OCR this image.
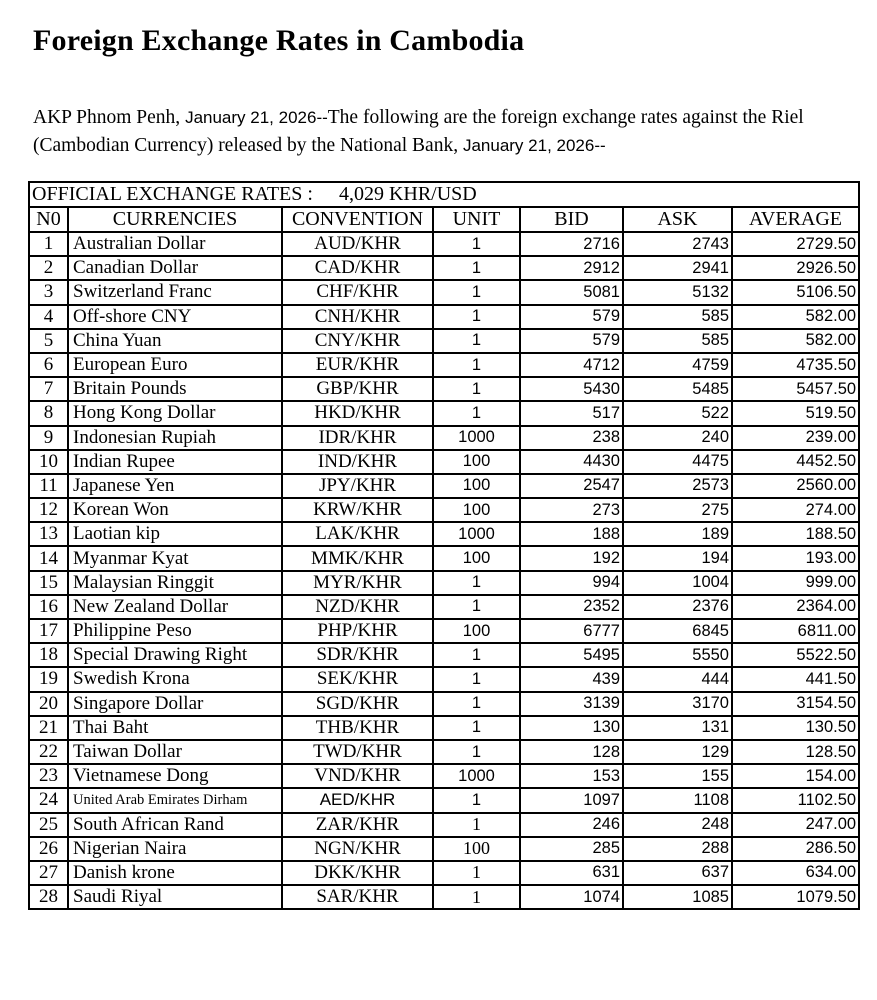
Foreign Exchange Rates in Cambodia

AKP Phnom Penh, January 21, 2026--The following are the foreign exchange rates against the Riel (Cambodian Currency) released by the National Bank, January 21, 2026--

OFFICIAL EXCHANGE RATES : 4,029 KHR/USD						
N0	CURRENCIES	CONVENTION	UNIT	BID	ASK	AVERAGE
1	Australian Dollar	AUD/KHR	1	2716	2743	2729.50
2	Canadian Dollar	CAD/KHR	1	2912	2941	2926.50
3	Switzerland Franc	CHF/KHR	1	5081	5132	5106.50
4	Off-shore CNY	CNH/KHR	1	579	585	582.00
5	China Yuan	CNY/KHR	1	579	585	582.00
6	European Euro	EUR/KHR	1	4712	4759	4735.50
7	Britain Pounds	GBP/KHR	1	5430	5485	5457.50
8	Hong Kong Dollar	HKD/KHR	1	517	522	519.50
9	Indonesian Rupiah	IDR/KHR	1000	238	240	239.00
10	Indian Rupee	IND/KHR	100	4430	4475	4452.50
11	Japanese Yen	JPY/KHR	100	2547	2573	2560.00
12	Korean Won	KRW/KHR	100	273	275	274.00
13	Laotian kip	LAK/KHR	1000	188	189	188.50
14	Myanmar Kyat	MMK/KHR	100	192	194	193.00
15	Malaysian Ringgit	MYR/KHR	1	994	1004	999.00
16	New Zealand Dollar	NZD/KHR	1	2352	2376	2364.00
17	Philippine Peso	PHP/KHR	100	6777	6845	6811.00
18	Special Drawing Right	SDR/KHR	1	5495	5550	5522.50
19	Swedish Krona	SEK/KHR	1	439	444	441.50
20	Singapore Dollar	SGD/KHR	1	3139	3170	3154.50
21	Thai Baht	THB/KHR	1	130	131	130.50
22	Taiwan Dollar	TWD/KHR	1	128	129	128.50
23	Vietnamese Dong	VND/KHR	1000	153	155	154.00
24	United Arab Emirates Dirham	AED/KHR	1	1097	1108	1102.50
25	South African Rand	ZAR/KHR	1	246	248	247.00
26	Nigerian Naira	NGN/KHR	100	285	288	286.50
27	Danish krone	DKK/KHR	1	631	637	634.00
28	Saudi Riyal	SAR/KHR	1	1074	1085	1079.50
